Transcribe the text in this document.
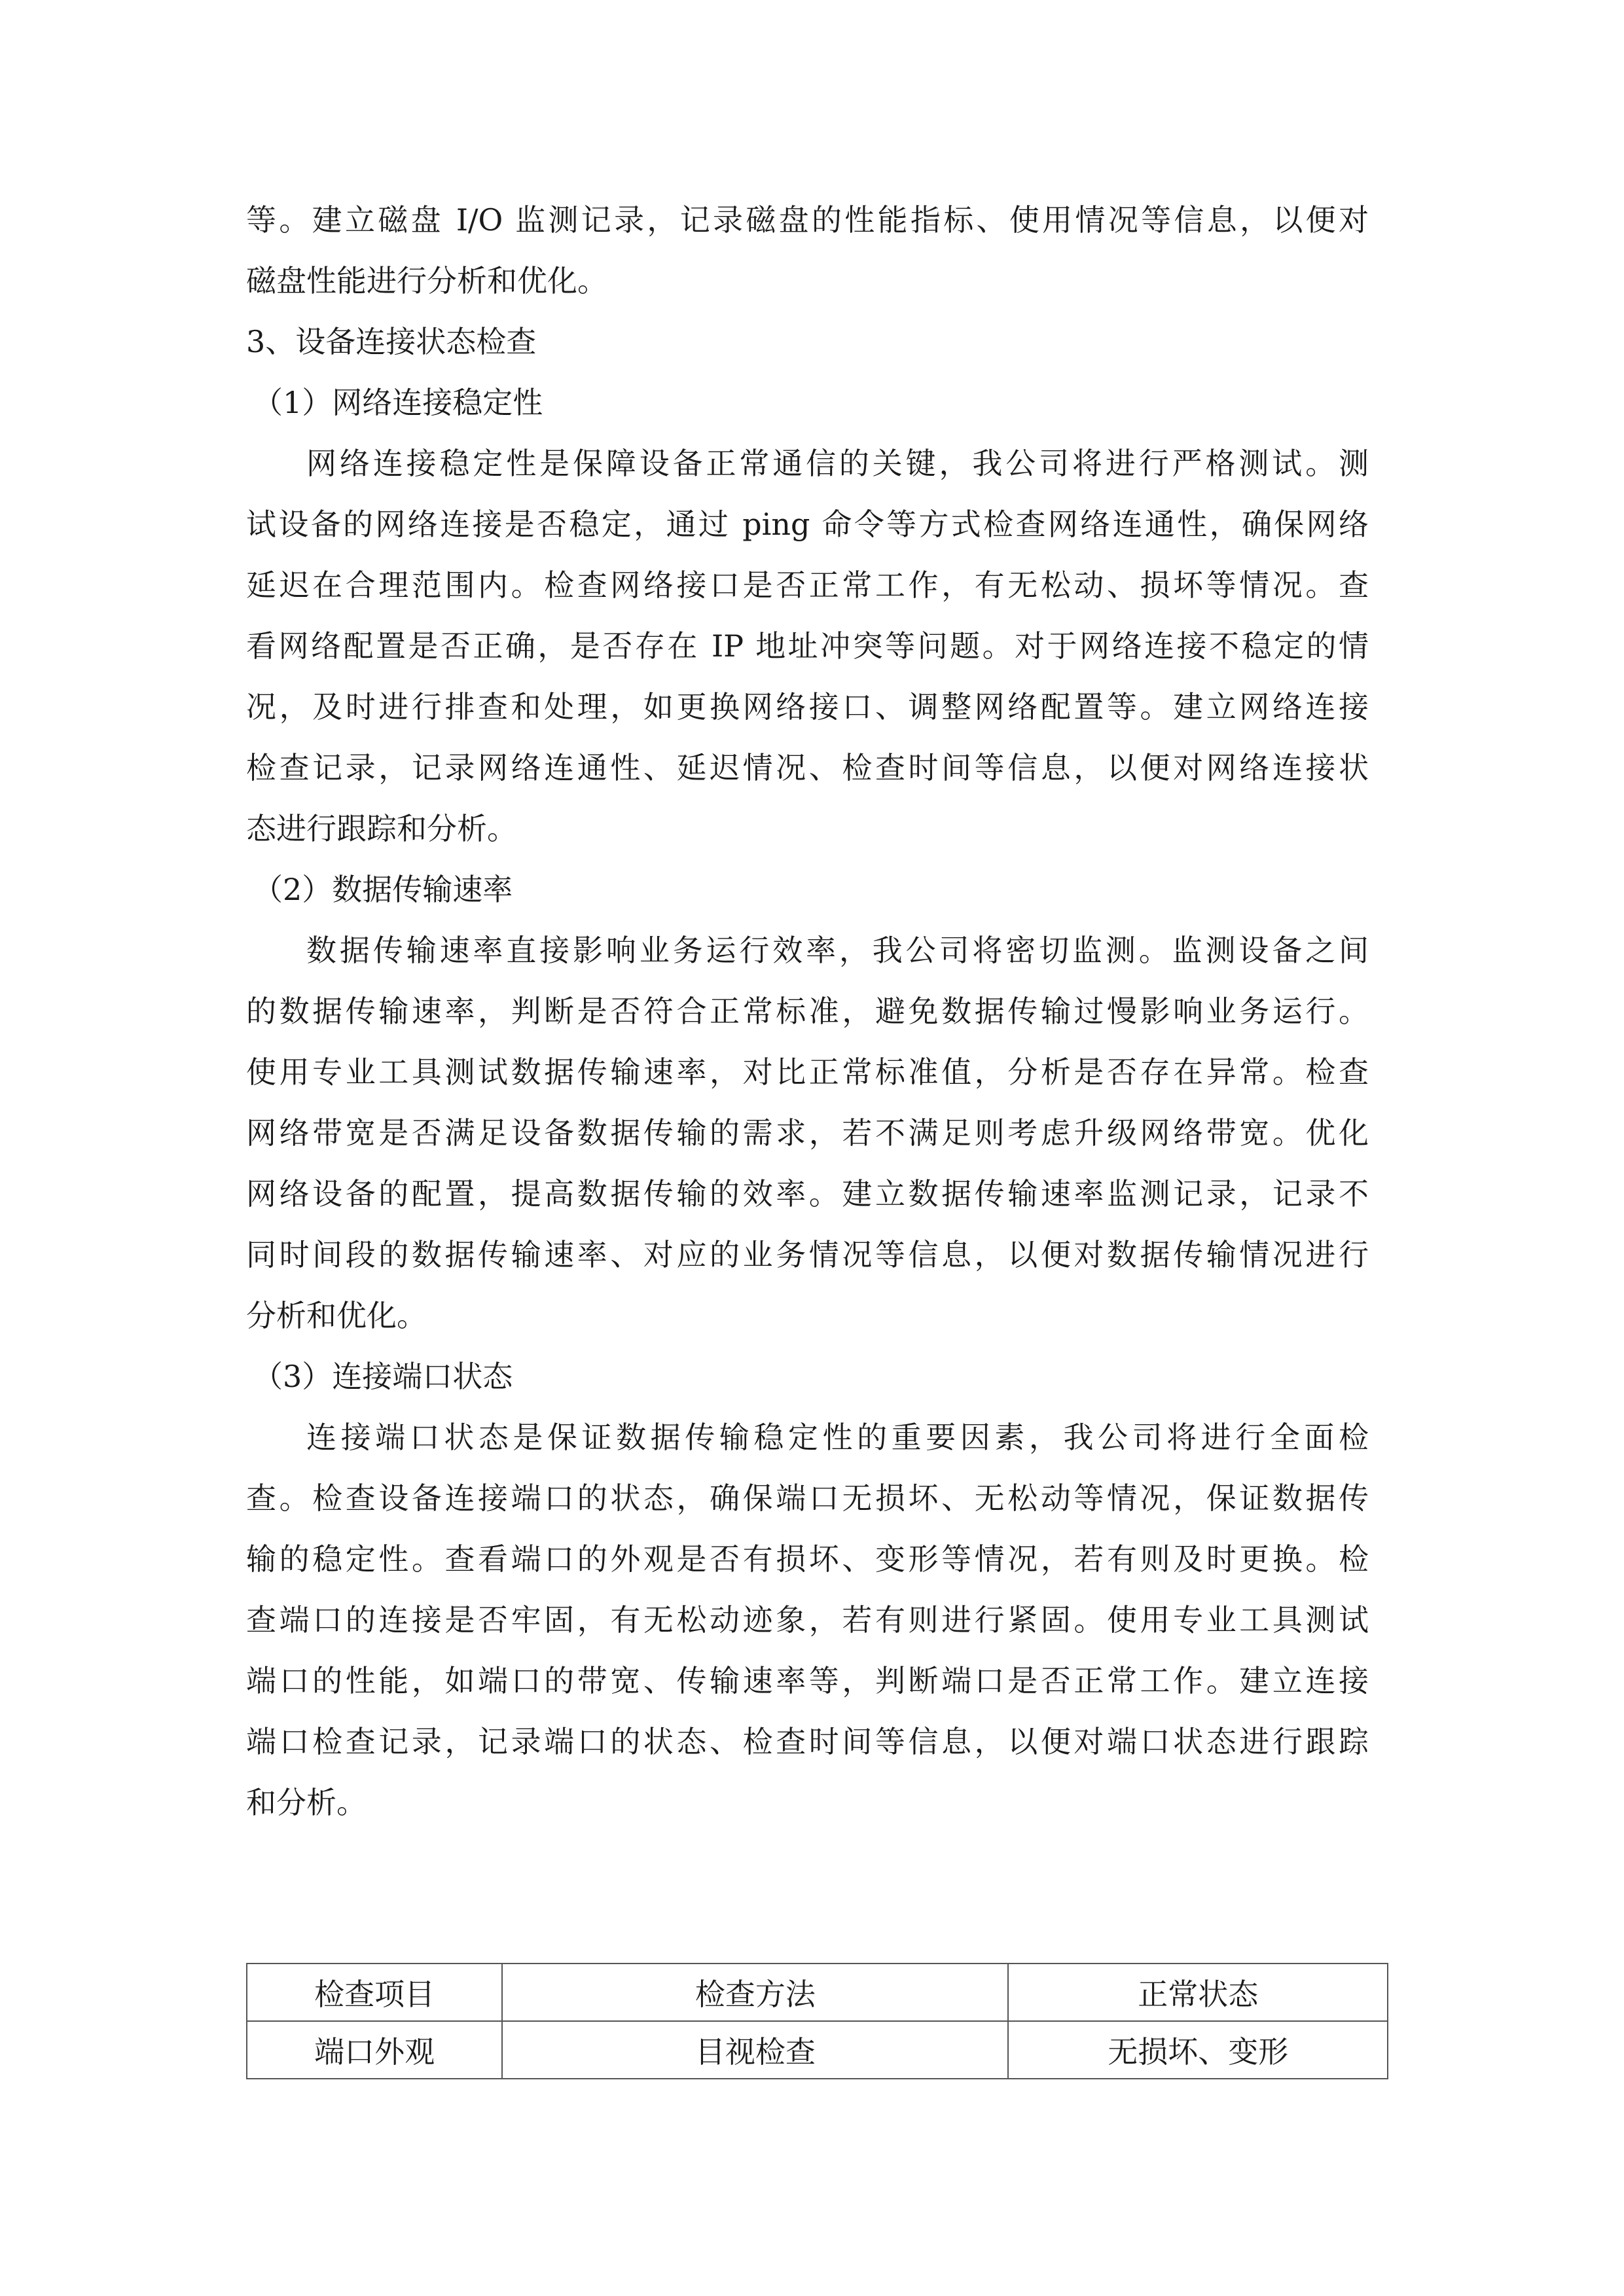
等。建立磁盘 I/O 监测记录，记录磁盘的性能指标、使用情况等信息，以便对

磁盘性能进行分析和优化。

3、设备连接状态检查

（1）网络连接稳定性

网络连接稳定性是保障设备正常通信的关键，我公司将进行严格测试。测

试设备的网络连接是否稳定，通过 ping 命令等方式检查网络连通性，确保网络

延迟在合理范围内。检查网络接口是否正常工作，有无松动、损坏等情况。查

看网络配置是否正确，是否存在 IP 地址冲突等问题。对于网络连接不稳定的情

况，及时进行排查和处理，如更换网络接口、调整网络配置等。建立网络连接

检查记录，记录网络连通性、延迟情况、检查时间等信息，以便对网络连接状

态进行跟踪和分析。

（2）数据传输速率

数据传输速率直接影响业务运行效率，我公司将密切监测。监测设备之间

的数据传输速率，判断是否符合正常标准，避免数据传输过慢影响业务运行。

使用专业工具测试数据传输速率，对比正常标准值，分析是否存在异常。检查

网络带宽是否满足设备数据传输的需求，若不满足则考虑升级网络带宽。优化

网络设备的配置，提高数据传输的效率。建立数据传输速率监测记录，记录不

同时间段的数据传输速率、对应的业务情况等信息，以便对数据传输情况进行

分析和优化。

（3）连接端口状态

连接端口状态是保证数据传输稳定性的重要因素，我公司将进行全面检

查。检查设备连接端口的状态，确保端口无损坏、无松动等情况，保证数据传

输的稳定性。查看端口的外观是否有损坏、变形等情况，若有则及时更换。检

查端口的连接是否牢固，有无松动迹象，若有则进行紧固。使用专业工具测试

端口的性能，如端口的带宽、传输速率等，判断端口是否正常工作。建立连接

端口检查记录，记录端口的状态、检查时间等信息，以便对端口状态进行跟踪

和分析。

检查项目	检查方法	正常状态
端口外观	目视检查	无损坏、变形
